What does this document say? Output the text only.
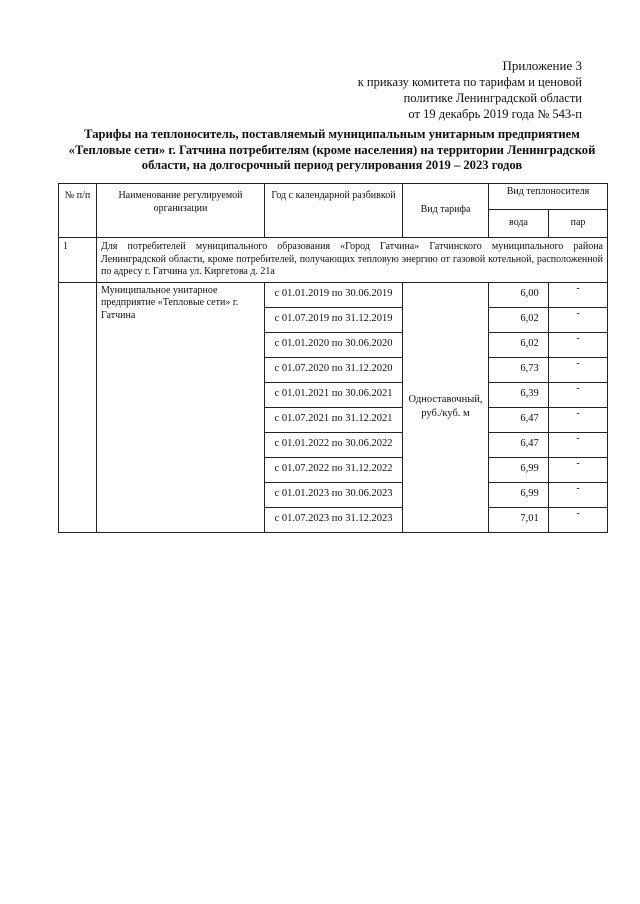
Приложение 3
к приказу комитета по тарифам и ценовой
политике Ленинградской области
от 19 декабрь 2019 года № 543-п
Тарифы на теплоноситель, поставляемый муниципальным унитарным предприятием
«Тепловые сети» г. Гатчина потребителям (кроме населения) на территории Ленинградской
области, на долгосрочный период регулирования 2019 – 2023 годов
№ п/п	Наименование регулируемой организации	Год с календарной разбивкой	Вид тарифа	Вид теплоносителя	
				вода	пар
1	Для потребителей муниципального образования «Город Гатчина» Гатчинского муниципального района Ленинградской области, кроме потребителей, получающих тепловую энергию от газовой котельной, расположенной по адресу г. Гатчина ул. Киргетова д. 21а				
	Муниципальное унитарное предприятие «Тепловые сети» г. Гатчина	с 01.01.2019 по 30.06.2019	Одноставочный, руб./куб. м	6,00	-
		с 01.07.2019 по 31.12.2019		6,02	-
		с 01.01.2020 по 30.06.2020		6,02	-
		с 01.07.2020 по 31.12.2020		6,73	-
		с 01.01.2021 по 30.06.2021		6,39	-
		с 01.07.2021 по 31.12.2021		6,47	-
		с 01.01.2022 по 30.06.2022		6,47	-
		с 01.07.2022 по 31.12.2022		6,99	-
		с 01.01.2023 по 30.06.2023		6,99	-
		с 01.07.2023 по 31.12.2023		7,01	-
